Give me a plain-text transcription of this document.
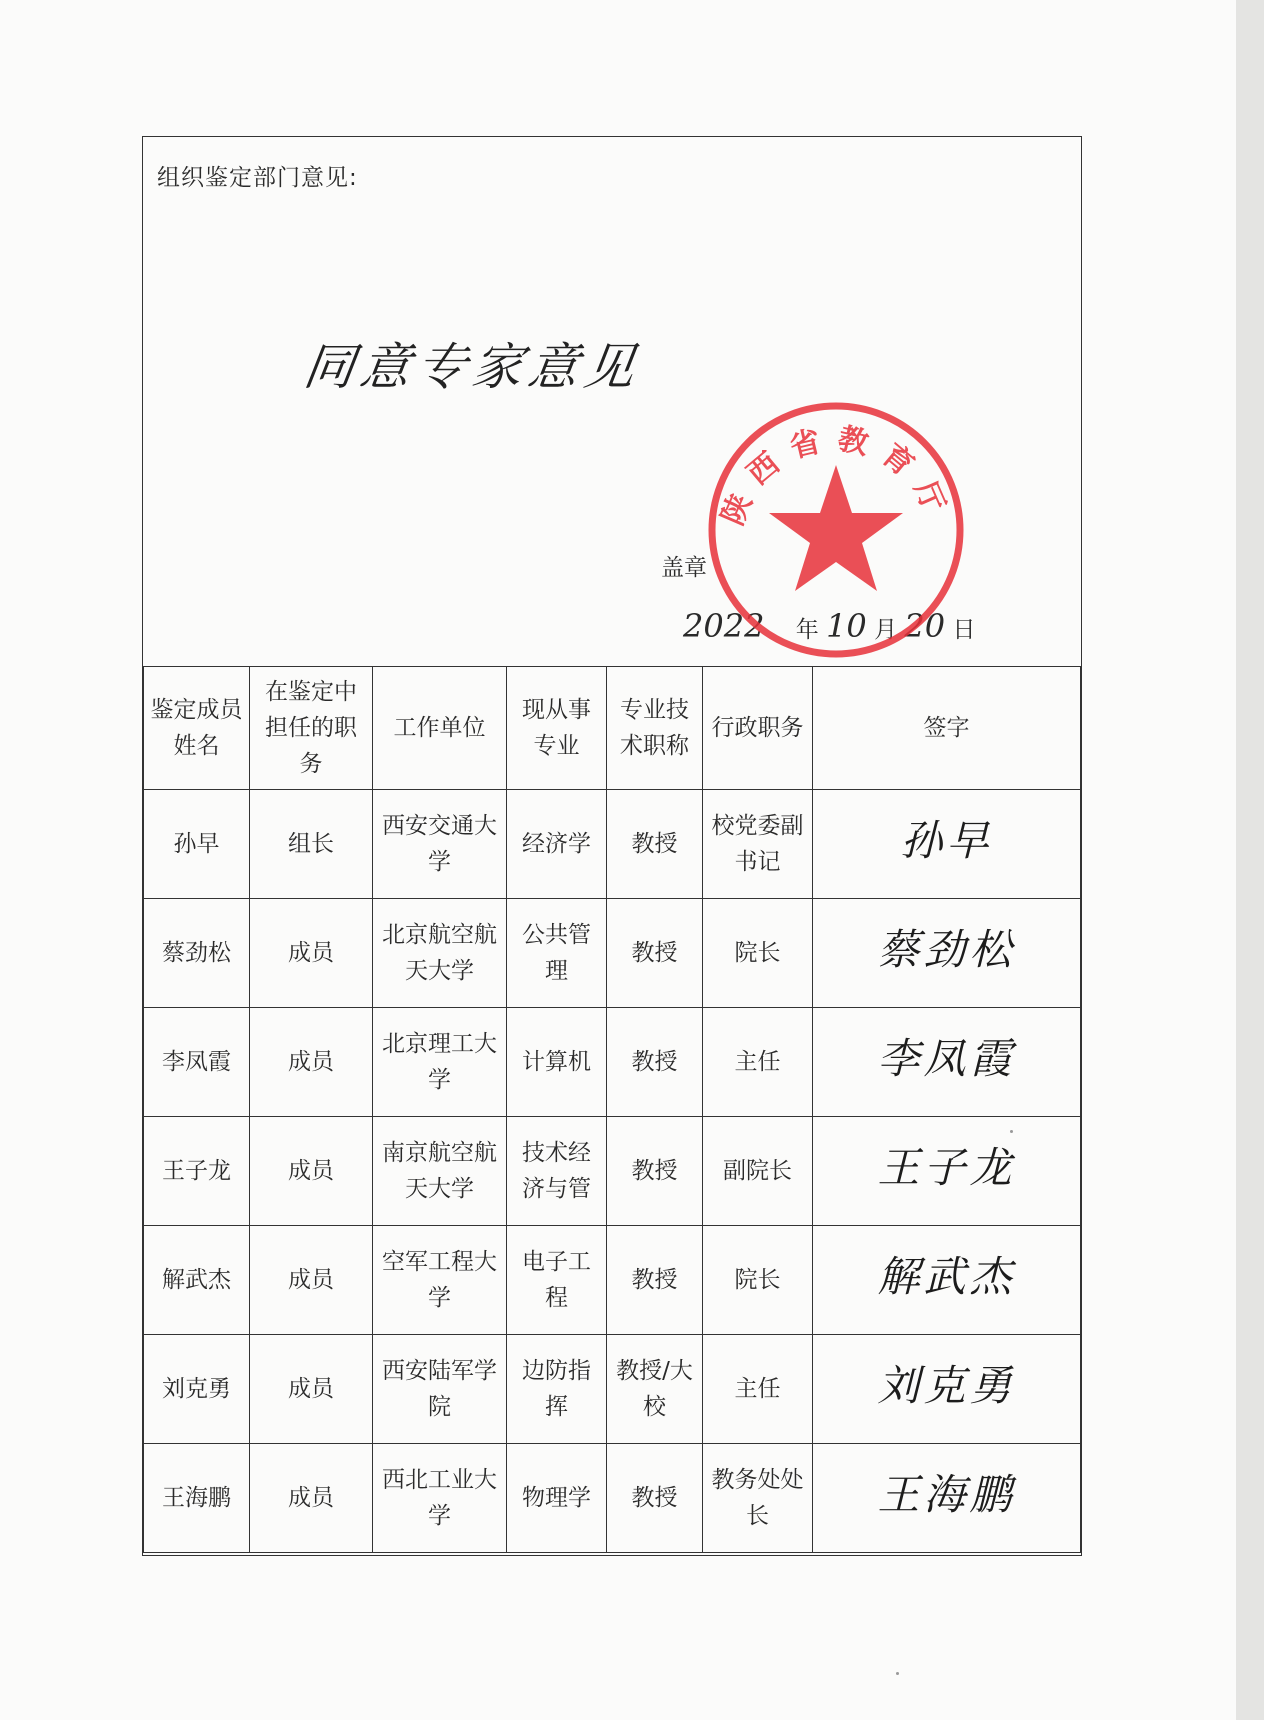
组织鉴定部门意见:
同意专家意见
陕西省教育厅
盖章
2022 年 10 月 20 日
鉴定成员姓名	在鉴定中担任的职务	工作单位	现从事专业	专业技术职称	行政职务	签字
孙早	组长	西安交通大学	经济学	教授	校党委副书记	孙早
蔡劲松	成员	北京航空航天大学	公共管理	教授	院长	蔡劲松
李凤霞	成员	北京理工大学	计算机	教授	主任	李凤霞
王子龙	成员	南京航空航天大学	技术经济与管	教授	副院长	王子龙
解武杰	成员	空军工程大学	电子工程	教授	院长	解武杰
刘克勇	成员	西安陆军学院	边防指挥	教授/大校	主任	刘克勇
王海鹏	成员	西北工业大学	物理学	教授	教务处处长	王海鹏
